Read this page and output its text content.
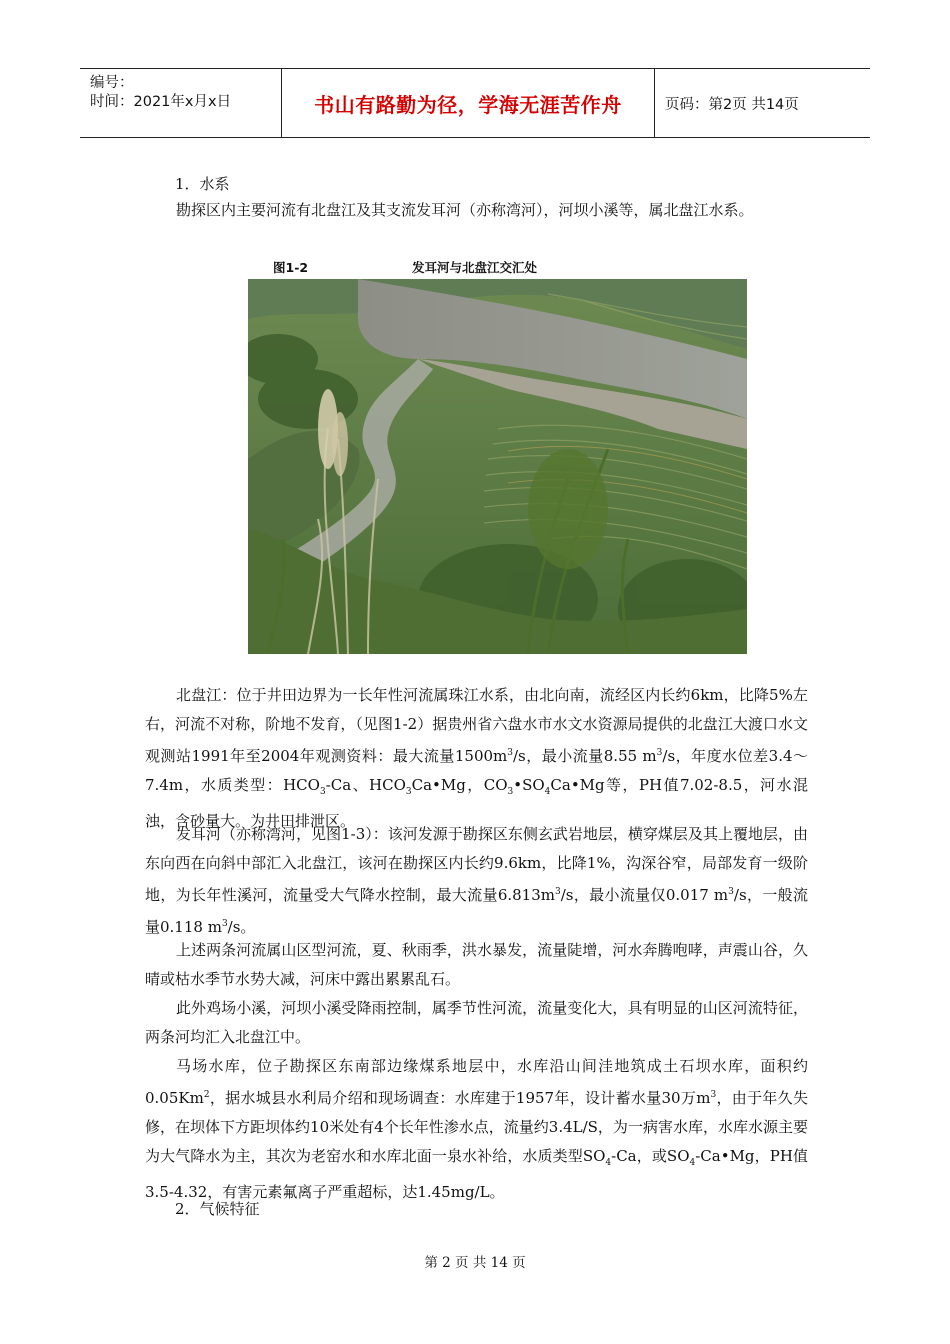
编号：
时间：2021年x月x日	书山有路勤为径，学海无涯苦作舟	页码：第2页 共14页
1．水系

勘探区内主要河流有北盘江及其支流发耳河（亦称湾河），河坝小溪等，属北盘江水系。

图1-2	发耳河与北盘江交汇处

北盘江：位于井田边界为一长年性河流属珠江水系，由北向南，流经区内长约6km，比降5%左右，河流不对称，阶地不发育，（见图1-2）据贵州省六盘水市水文水资源局提供的北盘江大渡口水文观测站1991年至2004年观测资料：最大流量$1500m^3/s$，最小流量8.55 $m^3/s$，年度水位差3.4～7.4m，水质类型：$HCO_3-Ca$、$HCO_3Ca•Mg$，$CO_3•SO_4Ca•Mg$等，PH值7.02-8.5，河水混浊，含砂量大。为井田排泄区。

发耳河（亦称湾河，见图1-3）：该河发源于勘探区东侧玄武岩地层，横穿煤层及其上覆地层，由东向西在向斜中部汇入北盘江，该河在勘探区内长约9.6km，比降1%，沟深谷窄，局部发育一级阶地，为长年性溪河，流量受大气降水控制，最大流量$6.813m^3/s$，最小流量仅0.017 $m^3/s$，一般流量0.118 $m^3/s$。

上述两条河流属山区型河流，夏、秋雨季，洪水暴发，流量陡增，河水奔腾咆哮，声震山谷，久晴或枯水季节水势大减，河床中露出累累乱石。

此外鸡场小溪，河坝小溪受降雨控制，属季节性河流，流量变化大，具有明显的山区河流特征，两条河均汇入北盘江中。

马场水库，位子勘探区东南部边缘煤系地层中，水库沿山间洼地筑成土石坝水库，面积约0.05Km$^2$，据水城县水利局介绍和现场调查：水库建于1957年，设计蓄水量30万$m^3$，由于年久失修，在坝体下方距坝体约10米处有4个长年性渗水点，流量约3.4L/S，为一病害水库，水库水源主要为大气降水为主，其次为老窑水和水库北面一泉水补给，水质类型$SO_4-Ca$，或$SO_4-Ca•Mg$，PH值3.5-4.32，有害元素氟离子严重超标，达1.45mg/L。

2．气候特征
第 2 页 共 14 页
